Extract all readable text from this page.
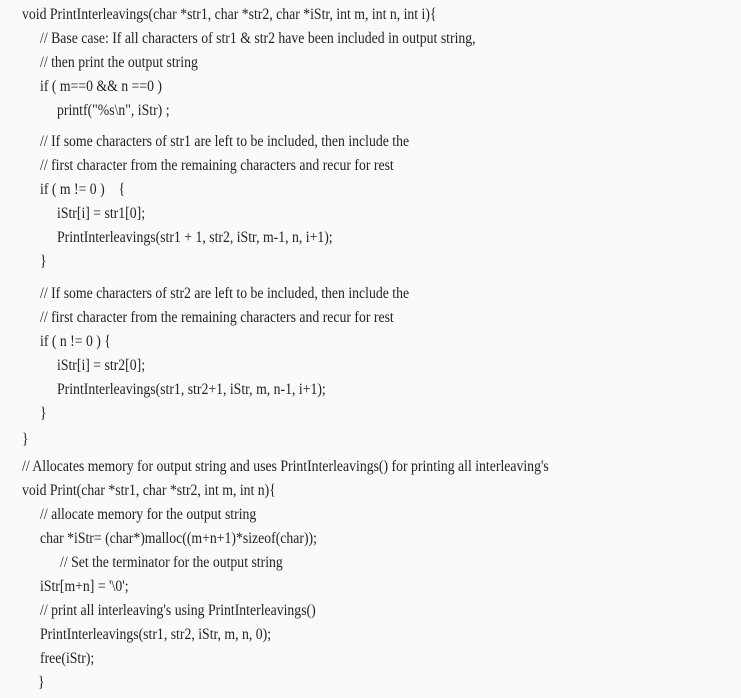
void PrintInterleavings(char *str1, char *str2, char *iStr, int m, int n, int i){
// Base case: If all characters of str1 & str2 have been included in output string,
// then print the output string
if ( m==0 && n ==0 )
printf("%s\n", iStr) ;
// If some characters of str1 are left to be included, then include the
// first character from the remaining characters and recur for rest
if ( m != 0 )    {
iStr[i] = str1[0];
PrintInterleavings(str1 + 1, str2, iStr, m-1, n, i+1);
}
// If some characters of str2 are left to be included, then include the
// first character from the remaining characters and recur for rest
if ( n != 0 ) {
iStr[i] = str2[0];
PrintInterleavings(str1, str2+1, iStr, m, n-1, i+1);
}
}
// Allocates memory for output string and uses PrintInterleavings() for printing all interleaving's
void Print(char *str1, char *str2, int m, int n){
// allocate memory for the output string
char *iStr= (char*)malloc((m+n+1)*sizeof(char));
// Set the terminator for the output string
iStr[m+n] = '\0';
// print all interleaving's using PrintInterleavings()
PrintInterleavings(str1, str2, iStr, m, n, 0);
free(iStr);
}
